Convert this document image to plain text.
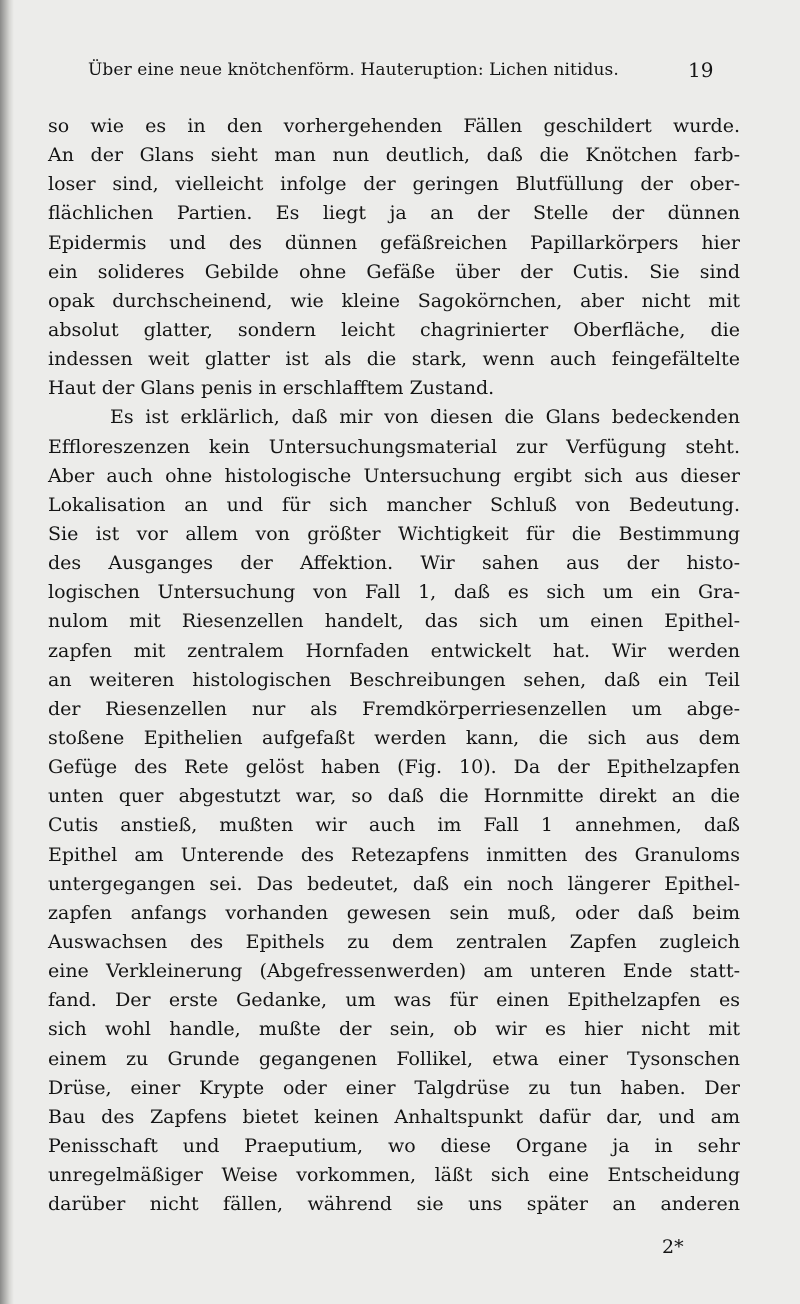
Über eine neue knötchenförm. Hauteruption: Lichen nitidus.	19
so wie es in den vorhergehenden Fällen geschildert wurde.
An der Glans sieht man nun deutlich, daß die Knötchen farb-
loser sind, vielleicht infolge der geringen Blutfüllung der ober-
flächlichen Partien. Es liegt ja an der Stelle der dünnen
Epidermis und des dünnen gefäßreichen Papillarkörpers hier
ein solideres Gebilde ohne Gefäße über der Cutis. Sie sind
opak durchscheinend, wie kleine Sagokörnchen, aber nicht mit
absolut glatter, sondern leicht chagrinierter Oberfläche, die
indessen weit glatter ist als die stark, wenn auch feingefältelte
Haut der Glans penis in erschlafftem Zustand.
Es ist erklärlich, daß mir von diesen die Glans bedeckenden
Effloreszenzen kein Untersuchungsmaterial zur Verfügung steht.
Aber auch ohne histologische Untersuchung ergibt sich aus dieser
Lokalisation an und für sich mancher Schluß von Bedeutung.
Sie ist vor allem von größter Wichtigkeit für die Bestimmung
des Ausganges der Affektion. Wir sahen aus der histo-
logischen Untersuchung von Fall 1, daß es sich um ein Gra-
nulom mit Riesenzellen handelt, das sich um einen Epithel-
zapfen mit zentralem Hornfaden entwickelt hat. Wir werden
an weiteren histologischen Beschreibungen sehen, daß ein Teil
der Riesenzellen nur als Fremdkörperriesenzellen um abge-
stoßene Epithelien aufgefaßt werden kann, die sich aus dem
Gefüge des Rete gelöst haben (Fig. 10). Da der Epithelzapfen
unten quer abgestutzt war, so daß die Hornmitte direkt an die
Cutis anstieß, mußten wir auch im Fall 1 annehmen, daß
Epithel am Unterende des Retezapfens inmitten des Granuloms
untergegangen sei. Das bedeutet, daß ein noch längerer Epithel-
zapfen anfangs vorhanden gewesen sein muß, oder daß beim
Auswachsen des Epithels zu dem zentralen Zapfen zugleich
eine Verkleinerung (Abgefressenwerden) am unteren Ende statt-
fand. Der erste Gedanke, um was für einen Epithelzapfen es
sich wohl handle, mußte der sein, ob wir es hier nicht mit
einem zu Grunde gegangenen Follikel, etwa einer Tysonschen
Drüse, einer Krypte oder einer Talgdrüse zu tun haben. Der
Bau des Zapfens bietet keinen Anhaltspunkt dafür dar, und am
Penisschaft und Praeputium, wo diese Organe ja in sehr
unregelmäßiger Weise vorkommen, läßt sich eine Entscheidung
darüber nicht fällen, während sie uns später an anderen
2*
